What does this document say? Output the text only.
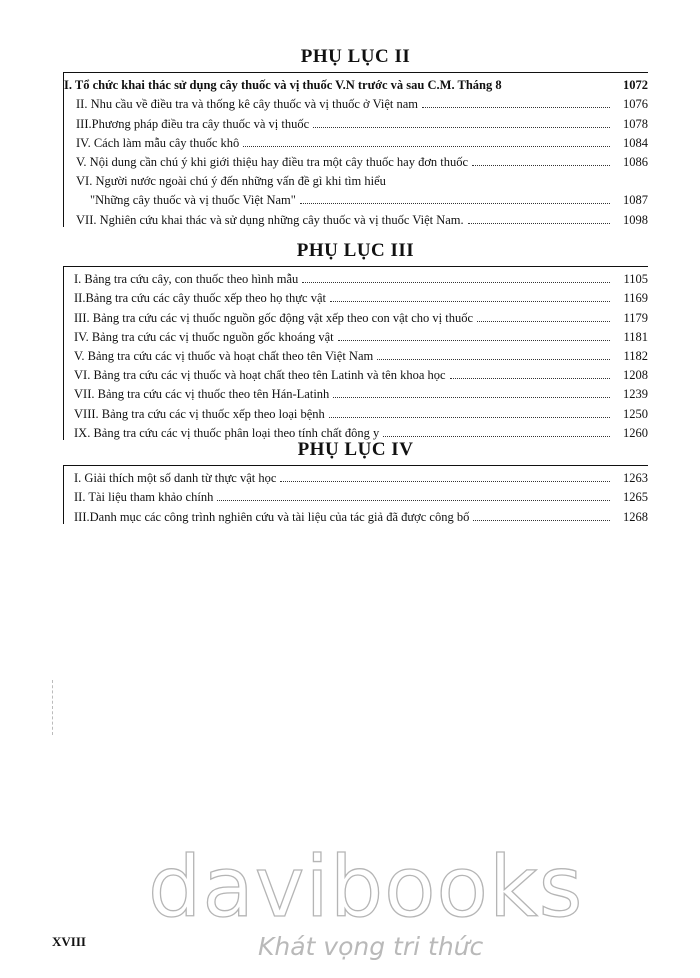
PHỤ LỤC II
I. Tổ chức khai thác sử dụng cây thuốc và vị thuốc V.N trước và sau C.M. Tháng 8	1072
II. Nhu cầu về điều tra và thống kê cây thuốc và vị thuốc ở Việt nam	1076
III.Phương pháp điều tra cây thuốc và vị thuốc	1078
IV. Cách làm mẫu cây thuốc khô	1084
V. Nội dung cần chú ý khi giới thiệu hay điều tra một cây thuốc hay đơn thuốc	1086
VI. Người nước ngoài chú ý đến những vấn đề gì khi tìm hiểu
"Những cây thuốc và vị thuốc Việt Nam"	1087
VII. Nghiên cứu khai thác và sử dụng những cây thuốc và vị thuốc Việt Nam.	1098
PHỤ LỤC III
I. Bảng tra cứu cây, con thuốc theo hình mẫu	1105
II.Bảng tra cứu các cây thuốc xếp theo họ thực vật	1169
III. Bảng tra cứu các vị thuốc nguồn gốc động vật xếp theo con vật cho vị thuốc	1179
IV. Bảng tra cứu các vị thuốc nguồn gốc khoáng vật	1181
V. Bảng tra cứu các vị thuốc và hoạt chất theo tên Việt Nam	1182
VI. Bảng tra cứu các vị thuốc và hoạt chất theo tên Latinh và tên khoa học	1208
VII. Bảng tra cứu các vị thuốc theo tên Hán-Latinh	1239
VIII. Bảng tra cứu các vị thuốc xếp theo loại bệnh	1250
IX. Bảng tra cứu các vị thuốc phân loại theo tính chất đông y	1260
PHỤ LỤC IV
I. Giải thích một số danh từ thực vật học	1263
II. Tài liệu tham khảo chính	1265
III.Danh mục các công trình nghiên cứu và tài liệu của tác giả đã được công bố	1268
davibooks
Khát vọng tri thức
XVIII
